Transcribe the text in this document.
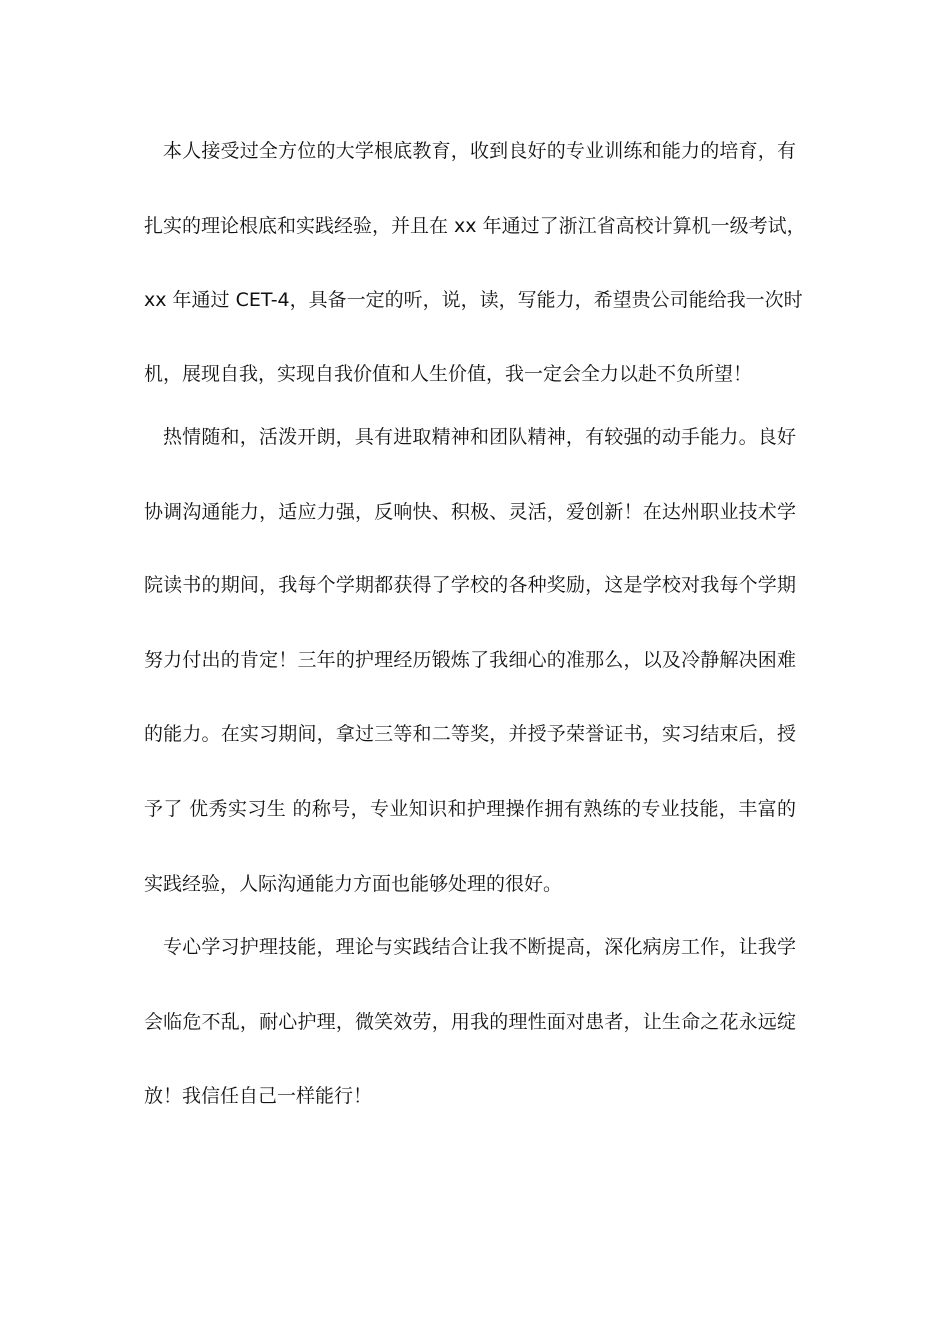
本人接受过全方位的大学根底教育，收到良好的专业训练和能力的培育，有
扎实的理论根底和实践经验，并且在 xx 年通过了浙江省高校计算机一级考试，
xx 年通过 CET-4，具备一定的听，说，读，写能力，希望贵公司能给我一次时
机，展现自我，实现自我价值和人生价值，我一定会全力以赴不负所望！
热情随和，活泼开朗，具有进取精神和团队精神，有较强的动手能力。良好
协调沟通能力，适应力强，反响快、积极、灵活，爱创新！在达州职业技术学
院读书的期间，我每个学期都获得了学校的各种奖励，这是学校对我每个学期
努力付出的肯定！三年的护理经历锻炼了我细心的准那么，以及冷静解决困难
的能力。在实习期间，拿过三等和二等奖，并授予荣誉证书，实习结束后，授
予了 优秀实习生 的称号，专业知识和护理操作拥有熟练的专业技能，丰富的
实践经验，人际沟通能力方面也能够处理的很好。
专心学习护理技能，理论与实践结合让我不断提高，深化病房工作，让我学
会临危不乱，耐心护理，微笑效劳，用我的理性面对患者，让生命之花永远绽
放！我信任自己一样能行！
